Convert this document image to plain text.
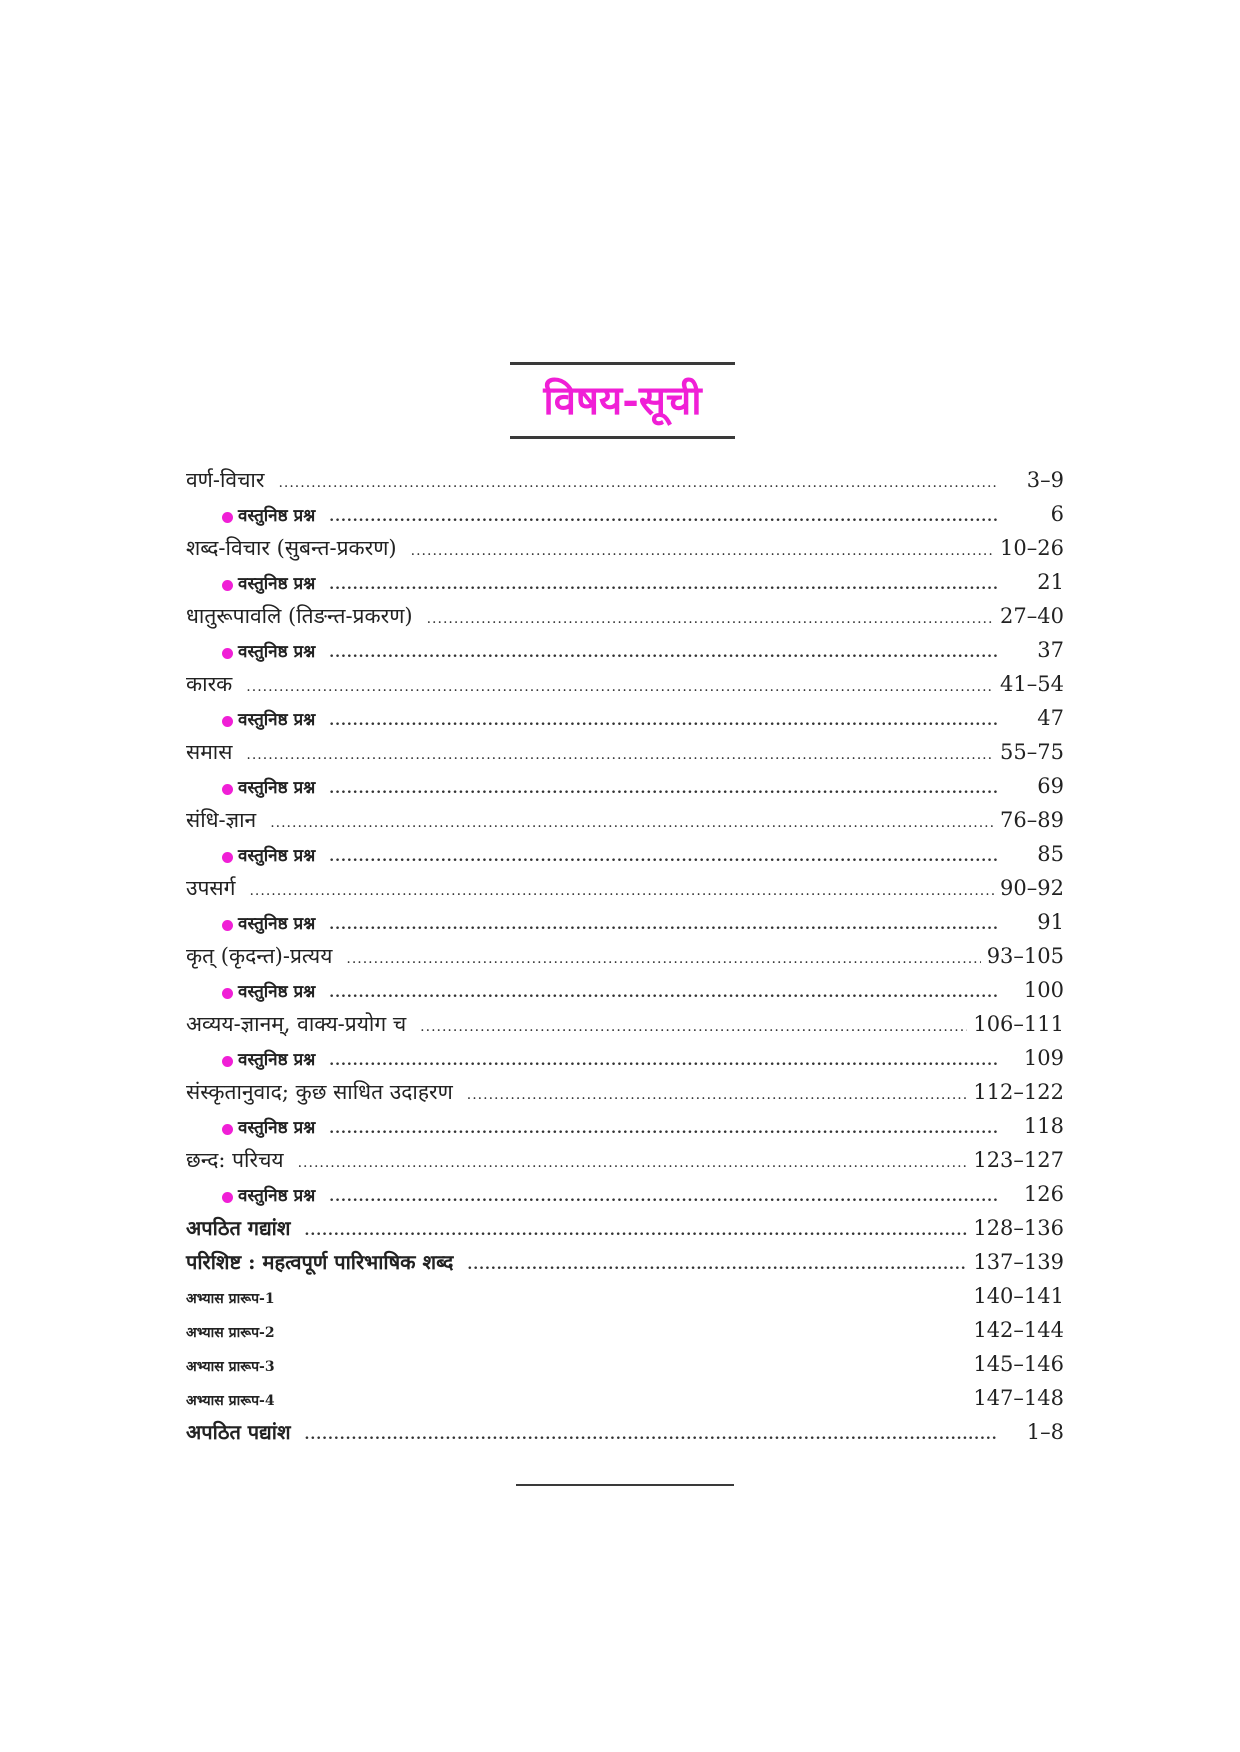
विषय-सूची
वर्ण-विचार .....	3–9
वस्तुनिष्ठ प्रश्न .....	6
शब्द-विचार (सुबन्त-प्रकरण) .....	10–26
वस्तुनिष्ठ प्रश्न .....	21
धातुरूपावलि (तिङन्त-प्रकरण) .....	27–40
वस्तुनिष्ठ प्रश्न .....	37
कारक .....	41–54
वस्तुनिष्ठ प्रश्न .....	47
समास .....	55–75
वस्तुनिष्ठ प्रश्न .....	69
संधि-ज्ञान .....	76–89
वस्तुनिष्ठ प्रश्न .....	85
उपसर्ग .....	90–92
वस्तुनिष्ठ प्रश्न .....	91
कृत् (कृदन्त)-प्रत्यय .....	93–105
वस्तुनिष्ठ प्रश्न .....	100
अव्यय-ज्ञानम्, वाक्य-प्रयोग च .....	106–111
वस्तुनिष्ठ प्रश्न .....	109
संस्कृतानुवाद; कुछ साधित उदाहरण .....	112–122
वस्तुनिष्ठ प्रश्न .....	118
छन्द: परिचय .....	123–127
वस्तुनिष्ठ प्रश्न .....	126
अपठित गद्यांश .....	128–136
परिशिष्ट : महत्वपूर्ण पारिभाषिक शब्द .....	137–139
अभ्यास प्रारूप-1	140–141
अभ्यास प्रारूप-2	142–144
अभ्यास प्रारूप-3	145–146
अभ्यास प्रारूप-4	147–148
अपठित पद्यांश .....	1–8
